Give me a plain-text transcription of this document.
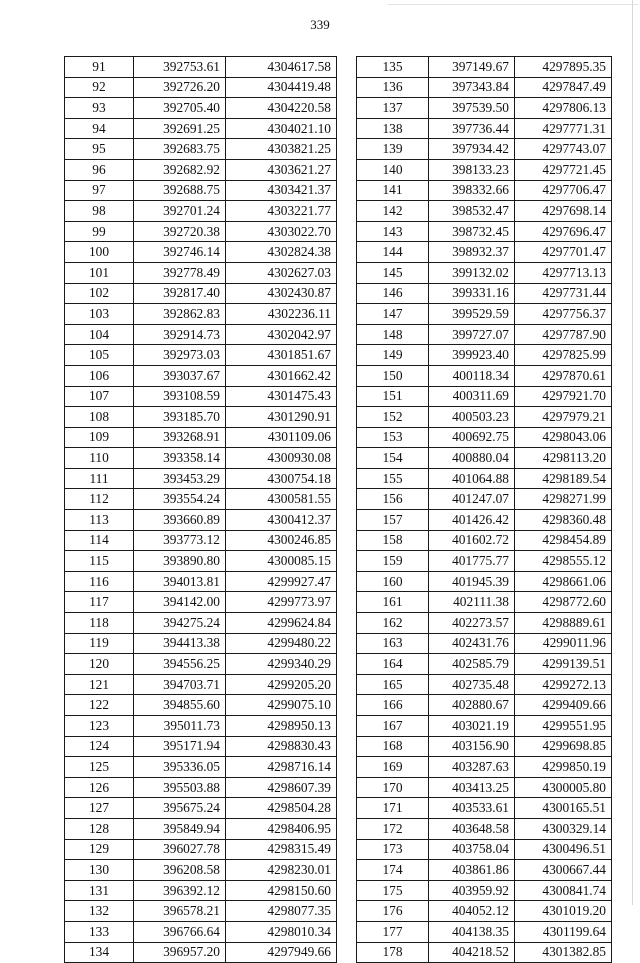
339
91	392753.61	4304617.58
92	392726.20	4304419.48
93	392705.40	4304220.58
94	392691.25	4304021.10
95	392683.75	4303821.25
96	392682.92	4303621.27
97	392688.75	4303421.37
98	392701.24	4303221.77
99	392720.38	4303022.70
100	392746.14	4302824.38
101	392778.49	4302627.03
102	392817.40	4302430.87
103	392862.83	4302236.11
104	392914.73	4302042.97
105	392973.03	4301851.67
106	393037.67	4301662.42
107	393108.59	4301475.43
108	393185.70	4301290.91
109	393268.91	4301109.06
110	393358.14	4300930.08
111	393453.29	4300754.18
112	393554.24	4300581.55
113	393660.89	4300412.37
114	393773.12	4300246.85
115	393890.80	4300085.15
116	394013.81	4299927.47
117	394142.00	4299773.97
118	394275.24	4299624.84
119	394413.38	4299480.22
120	394556.25	4299340.29
121	394703.71	4299205.20
122	394855.60	4299075.10
123	395011.73	4298950.13
124	395171.94	4298830.43
125	395336.05	4298716.14
126	395503.88	4298607.39
127	395675.24	4298504.28
128	395849.94	4298406.95
129	396027.78	4298315.49
130	396208.58	4298230.01
131	396392.12	4298150.60
132	396578.21	4298077.35
133	396766.64	4298010.34
134	396957.20	4297949.66
135	397149.67	4297895.35
136	397343.84	4297847.49
137	397539.50	4297806.13
138	397736.44	4297771.31
139	397934.42	4297743.07
140	398133.23	4297721.45
141	398332.66	4297706.47
142	398532.47	4297698.14
143	398732.45	4297696.47
144	398932.37	4297701.47
145	399132.02	4297713.13
146	399331.16	4297731.44
147	399529.59	4297756.37
148	399727.07	4297787.90
149	399923.40	4297825.99
150	400118.34	4297870.61
151	400311.69	4297921.70
152	400503.23	4297979.21
153	400692.75	4298043.06
154	400880.04	4298113.20
155	401064.88	4298189.54
156	401247.07	4298271.99
157	401426.42	4298360.48
158	401602.72	4298454.89
159	401775.77	4298555.12
160	401945.39	4298661.06
161	402111.38	4298772.60
162	402273.57	4298889.61
163	402431.76	4299011.96
164	402585.79	4299139.51
165	402735.48	4299272.13
166	402880.67	4299409.66
167	403021.19	4299551.95
168	403156.90	4299698.85
169	403287.63	4299850.19
170	403413.25	4300005.80
171	403533.61	4300165.51
172	403648.58	4300329.14
173	403758.04	4300496.51
174	403861.86	4300667.44
175	403959.92	4300841.74
176	404052.12	4301019.20
177	404138.35	4301199.64
178	404218.52	4301382.85
